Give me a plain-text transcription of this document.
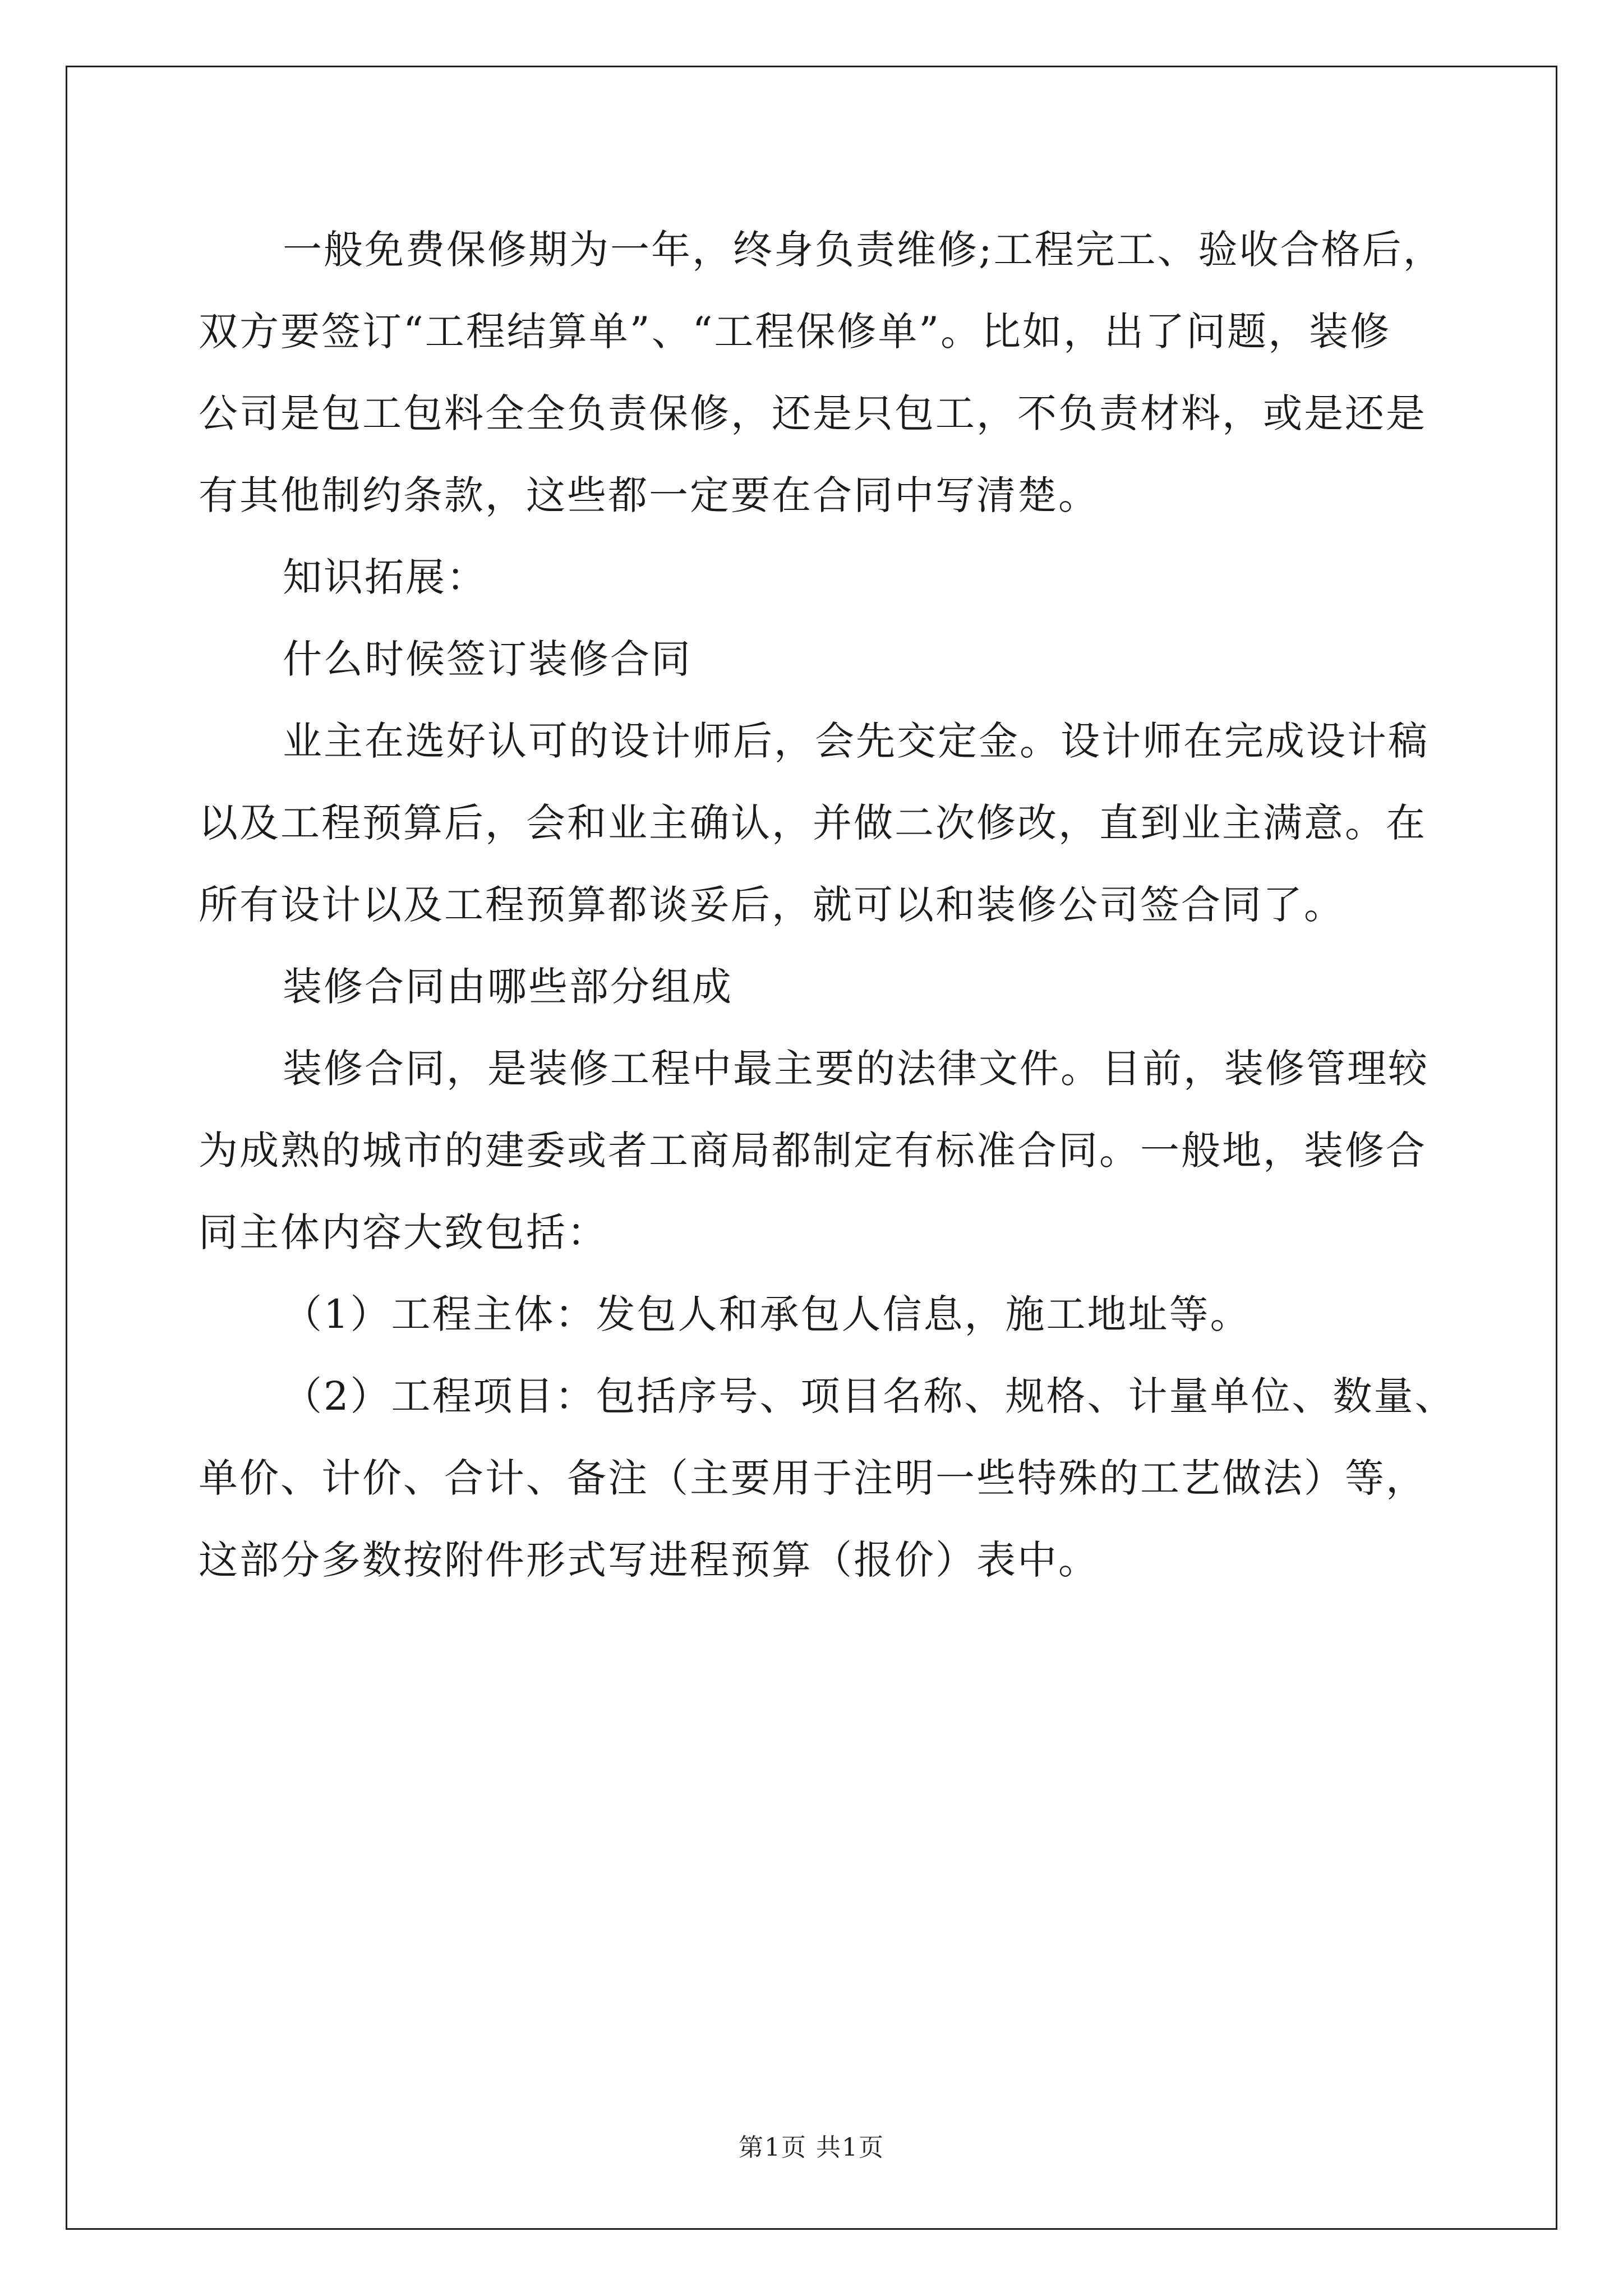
一般免费保修期为一年，终身负责维修;工程完工、验收合格后，
双方要签订“工程结算单”、“工程保修单”。比如，出了问题，装修
公司是包工包料全全负责保修，还是只包工，不负责材料，或是还是
有其他制约条款，这些都一定要在合同中写清楚。
知识拓展：
什么时候签订装修合同
业主在选好认可的设计师后，会先交定金。设计师在完成设计稿
以及工程预算后，会和业主确认，并做二次修改，直到业主满意。在
所有设计以及工程预算都谈妥后，就可以和装修公司签合同了。
装修合同由哪些部分组成
装修合同，是装修工程中最主要的法律文件。目前，装修管理较
为成熟的城市的建委或者工商局都制定有标准合同。一般地，装修合
同主体内容大致包括：
（1）工程主体：发包人和承包人信息，施工地址等。
（2）工程项目：包括序号、项目名称、规格、计量单位、数量、
单价、计价、合计、备注（主要用于注明一些特殊的工艺做法）等，
这部分多数按附件形式写进程预算（报价）表中。
第1页 共1页
